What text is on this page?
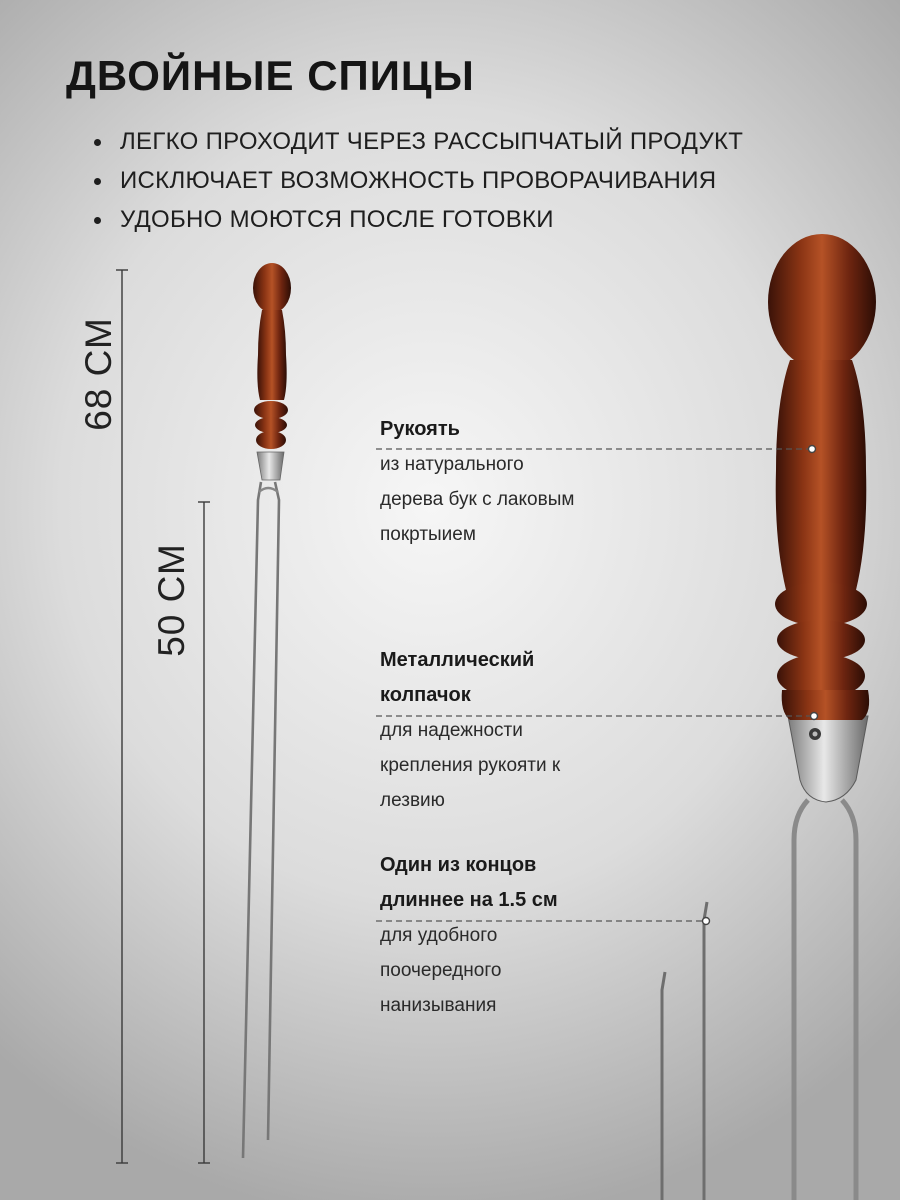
ДВОЙНЫЕ СПИЦЫ
ЛЕГКО ПРОХОДИТ ЧЕРЕЗ РАССЫПЧАТЫЙ ПРОДУКТ
ИСКЛЮЧАЕТ ВОЗМОЖНОСТЬ ПРОВОРАЧИВАНИЯ
УДОБНО МОЮТСЯ ПОСЛЕ ГОТОВКИ
68 СМ
50 СМ
Рукоять
из натурального
дерева бук с лаковым
покртыием
Металлический
колпачок
для надежности
крепления рукояти к
лезвию
Один из концов
длиннее на 1.5 см
для удобного
поочередного
нанизывания
